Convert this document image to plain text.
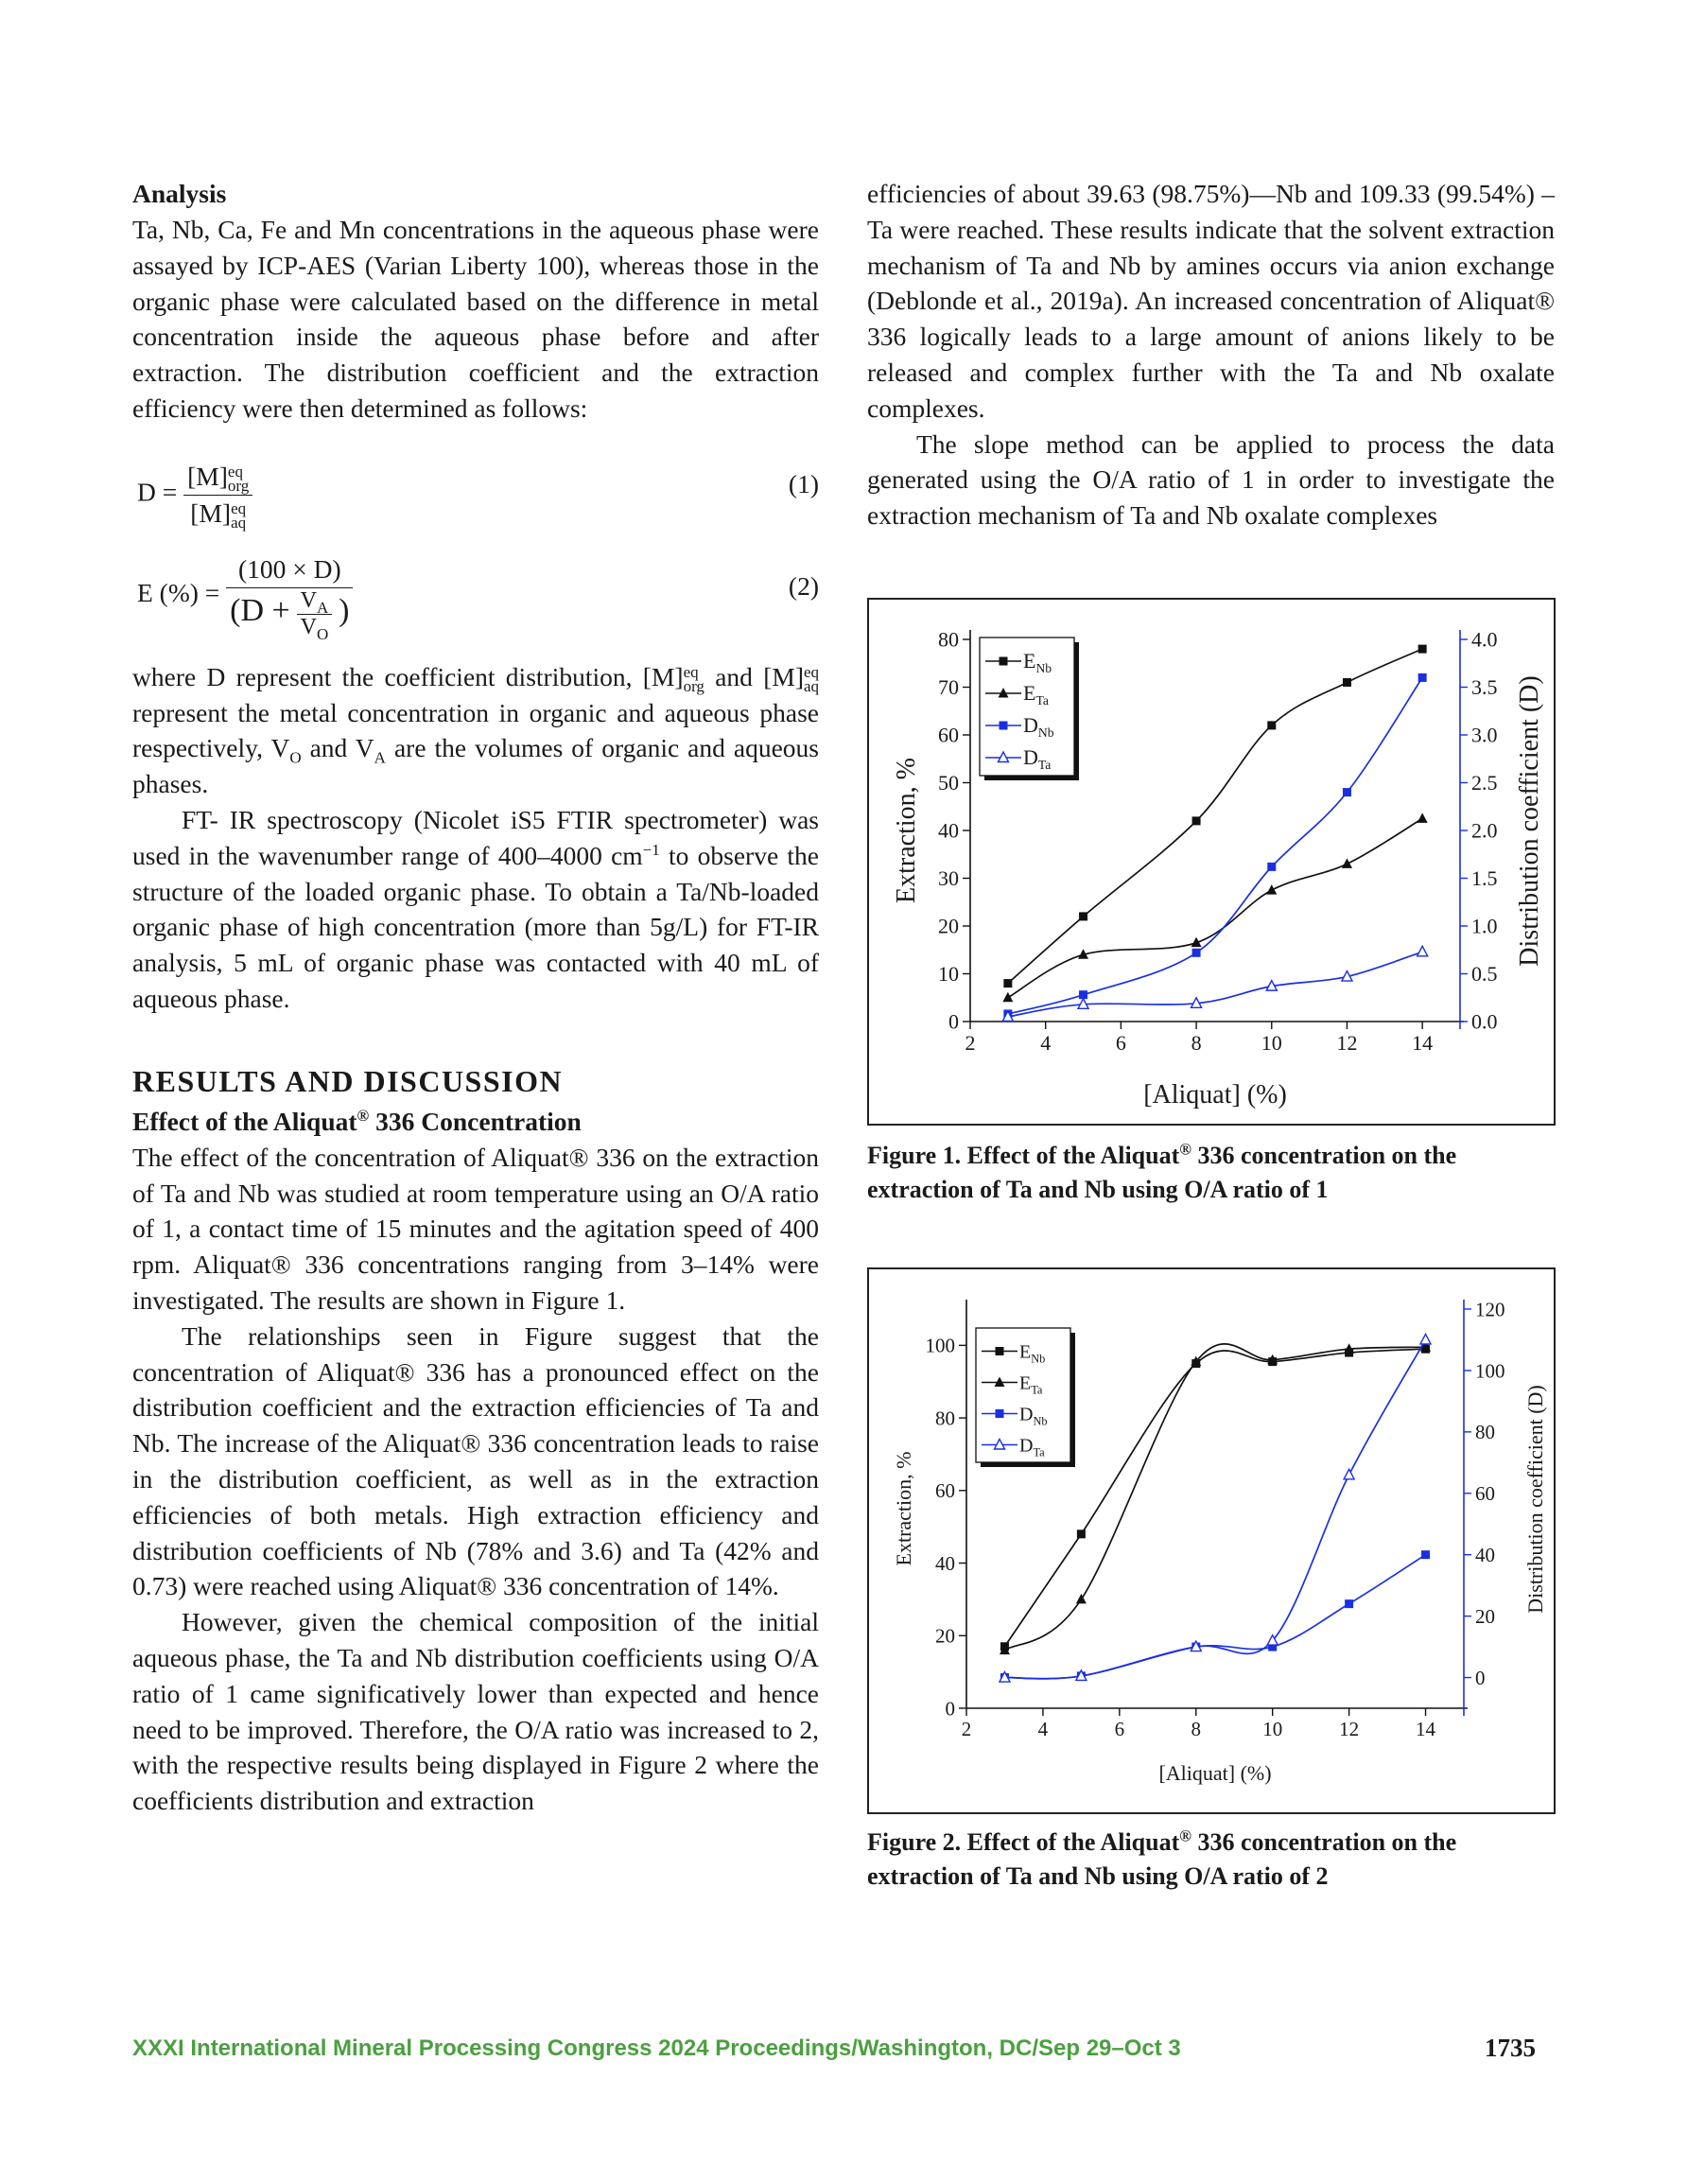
Analysis

Ta, Nb, Ca, Fe and Mn concentrations in the aqueous phase were assayed by ICP-AES (Varian Liberty 100), whereas those in the organic phase were calculated based on the difference in metal concentration inside the aqueous phase before and after extraction. The distribution coefficient and the extraction efficiency were then determined as follows:

D = [M] eq
org
[M] eq
aq	(1)
E (%) =
(100 × D)
($D + \frac{V_A}{V_O}$ )
(2)

where D represent the coefficient distribution, [M] eq
org and [M] eq
aq
represent the metal concentration in organic and aqueous phase respectively, $V_O$ and $V_A$ are the volumes of organic and aqueous phases.

FT- IR spectroscopy (Nicolet iS5 FTIR spectrometer) was used in the wavenumber range of 400–4000 $cm^{-1}$ to observe the structure of the loaded organic phase. To obtain a Ta/Nb-loaded organic phase of high concentration (more than 5g/L) for FT-IR analysis, 5 mL of organic phase was contacted with 40 mL of aqueous phase.

RESULTS AND DISCUSSION

Effect of the Aliquat® 336 Concentration

The effect of the concentration of Aliquat® 336 on the extraction of Ta and Nb was studied at room temperature using an O/A ratio of 1, a contact time of 15 minutes and the agitation speed of 400 rpm. Aliquat® 336 concentrations ranging from 3–14% were investigated. The results are shown in Figure 1.

The relationships seen in Figure suggest that the concentration of Aliquat® 336 has a pronounced effect on the distribution coefficient and the extraction efficiencies of Ta and Nb. The increase of the Aliquat® 336 concentration leads to raise in the distribution coefficient, as well as in the extraction efficiencies of both metals. High extraction efficiency and distribution coefficients of Nb (78% and 3.6) and Ta (42% and 0.73) were reached using Aliquat® 336 concentration of 14%.

However, given the chemical composition of the initial aqueous phase, the Ta and Nb distribution coefficients using O/A ratio of 1 came significatively lower than expected and hence need to be improved. Therefore, the O/A ratio was increased to 2, with the respective results being displayed in Figure 2 where the coefficients distribution and extraction

efficiencies of about 39.63 (98.75%)—Nb and 109.33 (99.54%) – Ta were reached. These results indicate that the solvent extraction mechanism of Ta and Nb by amines occurs via anion exchange (Deblonde et al., 2019a). An increased concentration of Aliquat® 336 logically leads to a large amount of anions likely to be released and complex further with the Ta and Nb oxalate complexes.

The slope method can be applied to process the data generated using the O/A ratio of 1 in order to investigate the extraction mechanism of Ta and Nb oxalate complexes

0
10
20
30
40
50
60
70
80
2	4	6	8	10	12	14
0.0
0.5
1.0
1.5
2.0
2.5
3.0
3.5
4.0
[Aliquat] (%)
Extraction, %	Distribution coefficient (D)
$E_{Nb}$
$E_{Ta}$
$D_{Nb}$
$D_{Ta}$
Figure 1. Effect of the Aliquat® 336 concentration on the extraction of Ta and Nb using O/A ratio of 1
0
20
40
60
80
100
2	4	6	8	10	12	14
0
20
40
60
80
100
120
[Aliquat] (%)
Extraction, %	Distribution coefficient (D)
$E_{Nb}$
$E_{Ta}$
$D_{Nb}$
$D_{Ta}$
Figure 2. Effect of the Aliquat® 336 concentration on the extraction of Ta and Nb using O/A ratio of 2
XXXI International Mineral Processing Congress 2024 Proceedings/Washington, DC/Sep 29–Oct 3	1735
